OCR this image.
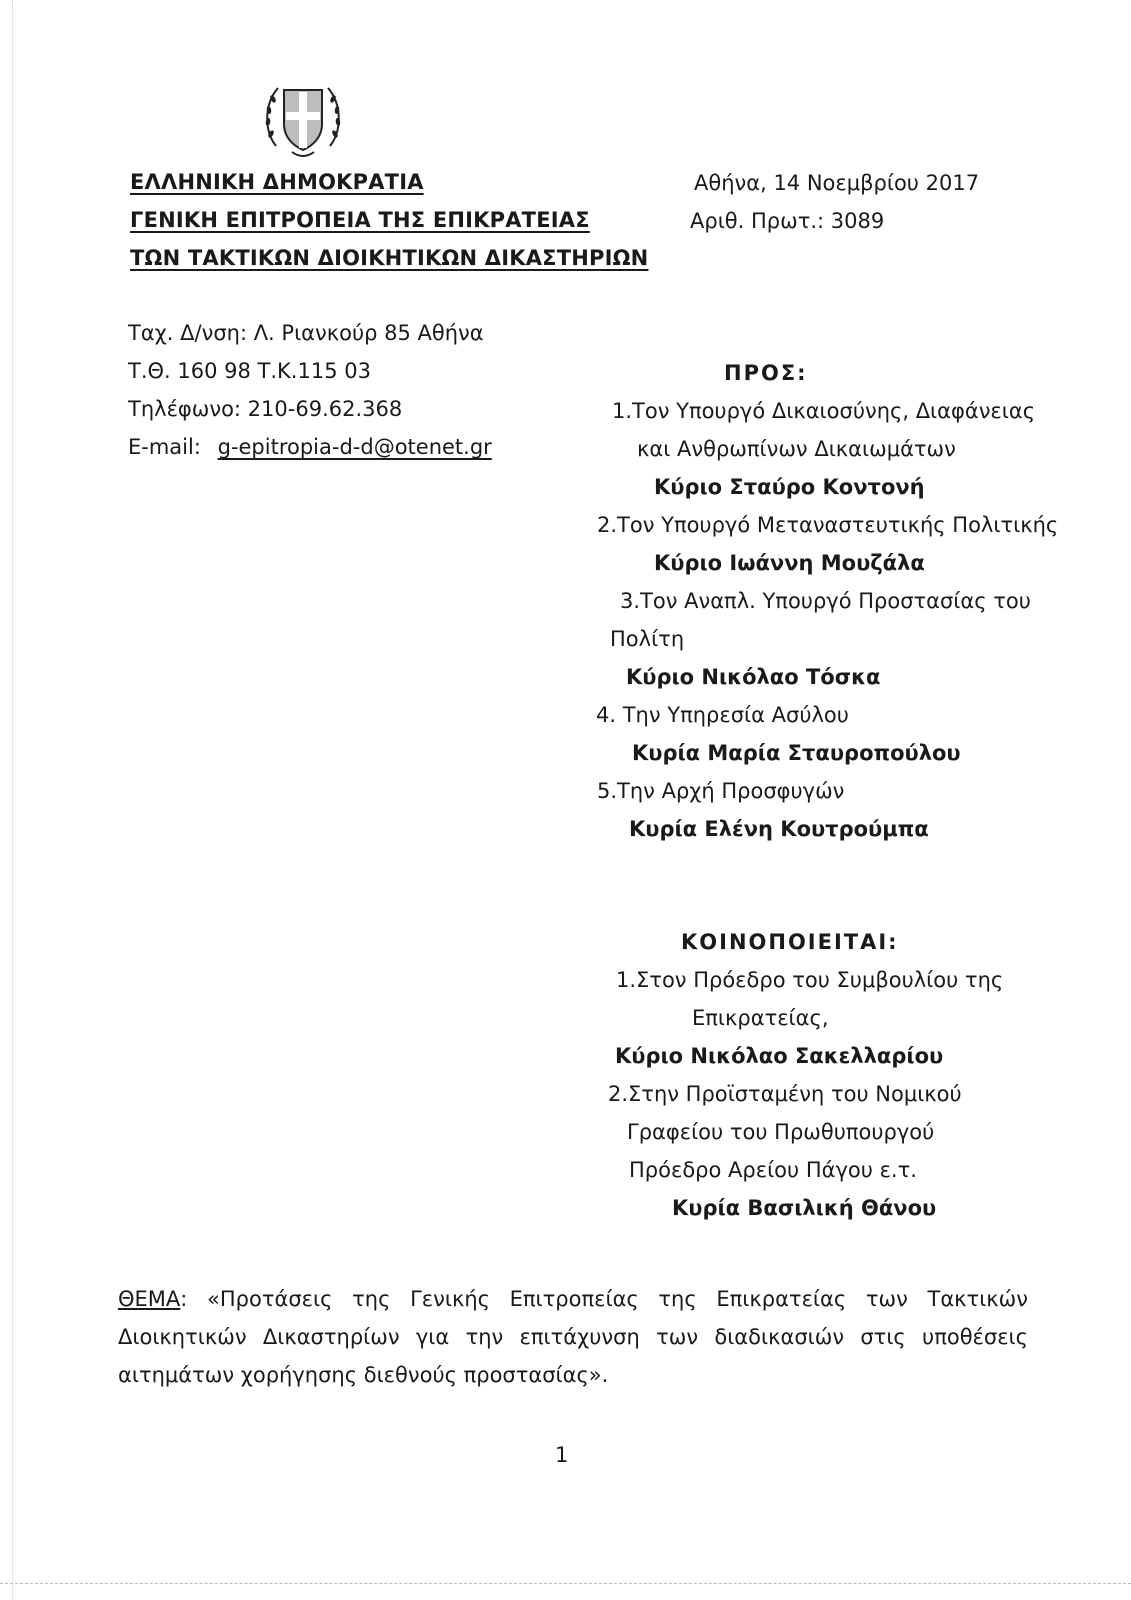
ΕΛΛΗΝΙΚΗ ΔΗΜΟΚΡΑΤΙΑ
ΓΕΝΙΚΗ ΕΠΙΤΡΟΠΕΙΑ ΤΗΣ ΕΠΙΚΡΑΤΕΙΑΣ
ΤΩΝ ΤΑΚΤΙΚΩΝ ΔΙΟΙΚΗΤΙΚΩΝ ΔΙΚΑΣΤΗΡΙΩΝ
Αθήνα, 14 Νοεμβρίου 2017
Αριθ. Πρωτ.: 3089
Ταχ. Δ/νση: Λ. Ριανκούρ 85 Αθήνα
Τ.Θ. 160 98 Τ.Κ.115 03
Τηλέφωνο: 210-69.62.368
E-mail: g-epitropia-d-d@otenet.gr
ΠΡΟΣ:
1.Τον Υπουργό Δικαιοσύνης, Διαφάνειας
και Ανθρωπίνων Δικαιωμάτων
Κύριο Σταύρο Κοντονή
2.Τον Υπουργό Μεταναστευτικής Πολιτικής
Κύριο Ιωάννη Μουζάλα
3.Τον Αναπλ. Υπουργό Προστασίας του
Πολίτη
Κύριο Νικόλαο Τόσκα
4. Την Υπηρεσία Ασύλου
Κυρία Μαρία Σταυροπούλου
5.Την Αρχή Προσφυγών
Κυρία Ελένη Κουτρούμπα
ΚΟΙΝΟΠΟΙΕΙΤΑΙ:
1.Στον Πρόεδρο του Συμβουλίου της
Επικρατείας,
Κύριο Νικόλαο Σακελλαρίου
2.Στην Προϊσταμένη του Νομικού
Γραφείου του Πρωθυπουργού
Πρόεδρο Αρείου Πάγου ε.τ.
Κυρία Βασιλική Θάνου
ΘΕΜΑ: «Προτάσεις της Γενικής Επιτροπείας της Επικρατείας των Τακτικών Διοικητικών Δικαστηρίων για την επιτάχυνση των διαδικασιών στις υποθέσεις αιτημάτων χορήγησης διεθνούς προστασίας».
1
